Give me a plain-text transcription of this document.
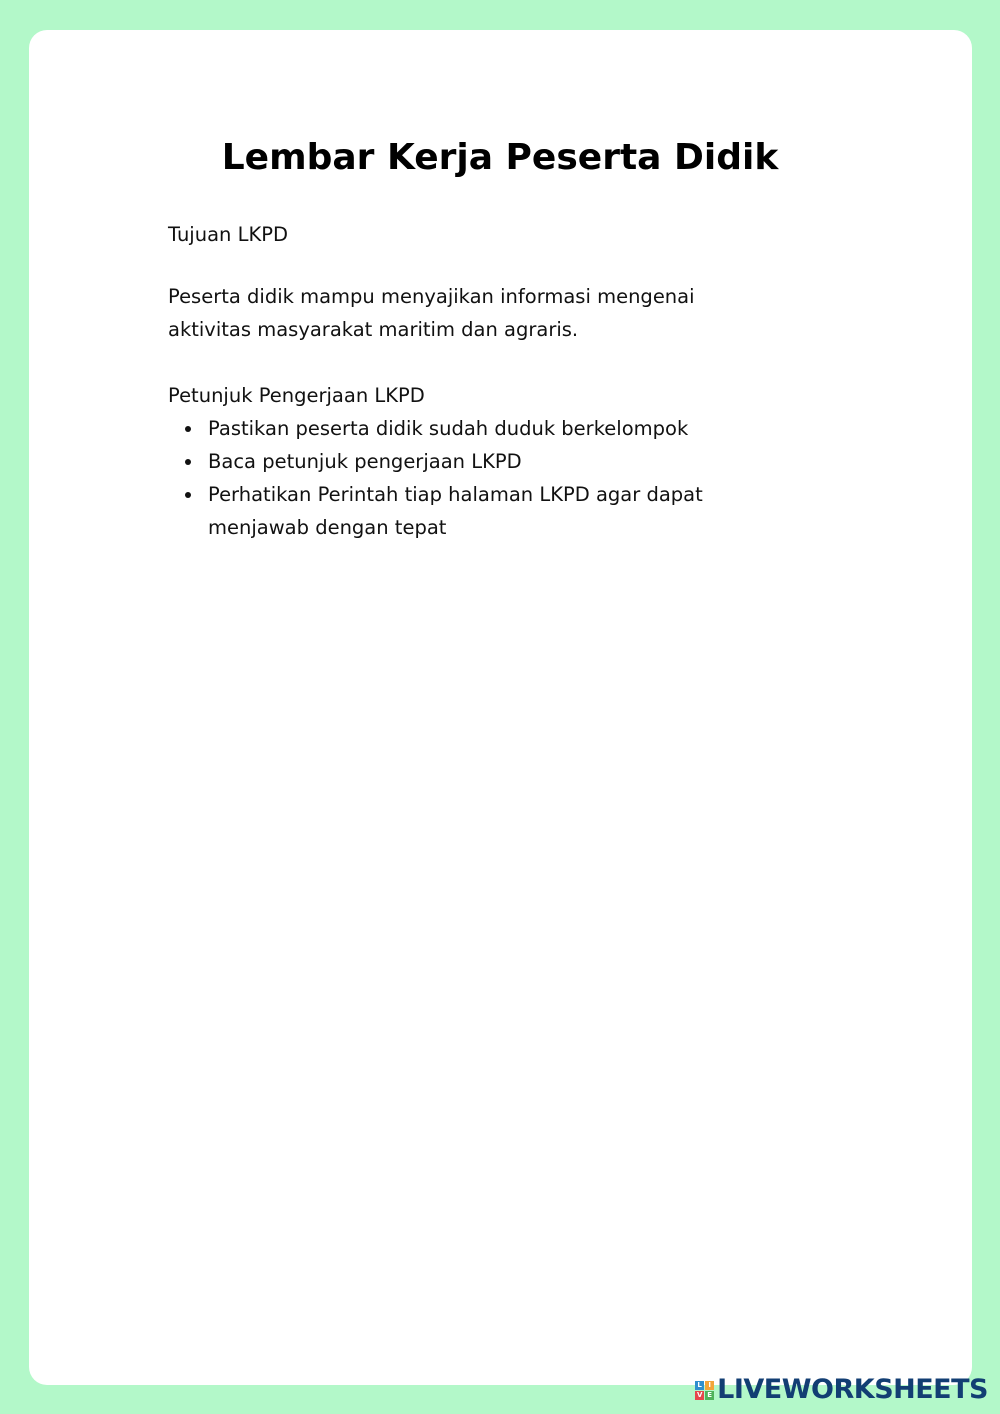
Lembar Kerja Peserta Didik

Tujuan LKPD

Peserta didik mampu menyajikan informasi mengenai
aktivitas masyarakat maritim dan agraris.

Petunjuk Pengerjaan LKPD

Pastikan peserta didik sudah duduk berkelompok
Baca petunjuk pengerjaan LKPD
Perhatikan Perintah tiap halaman LKPD agar dapat
menjawab dengan tepat
L I
V E LIVEWORKSHEETS
